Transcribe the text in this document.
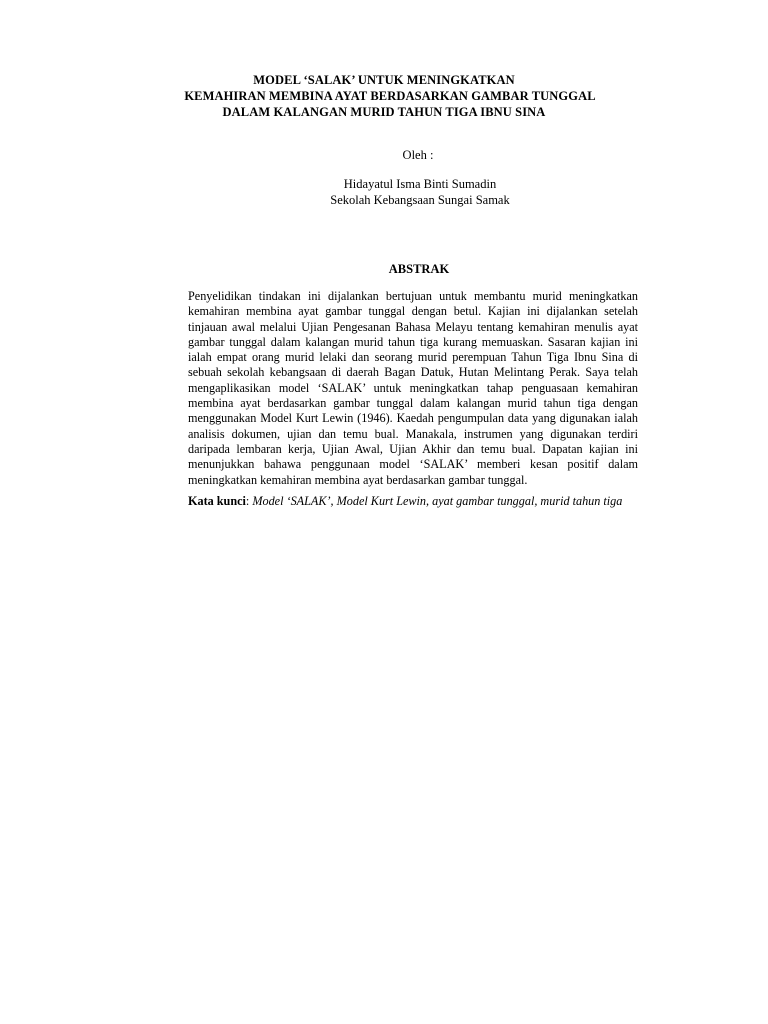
MODEL ‘SALAK’ UNTUK MENINGKATKAN
KEMAHIRAN MEMBINA AYAT BERDASARKAN GAMBAR TUNGGAL
DALAM KALANGAN MURID TAHUN TIGA IBNU SINA
Oleh :
Hidayatul Isma Binti Sumadin
Sekolah Kebangsaan Sungai Samak
ABSTRAK

Penyelidikan tindakan ini dijalankan bertujuan untuk membantu murid meningkatkan kemahiran membina ayat gambar tunggal dengan betul. Kajian ini dijalankan setelah tinjauan awal melalui Ujian Pengesanan Bahasa Melayu tentang kemahiran menulis ayat gambar tunggal dalam kalangan murid tahun tiga kurang memuaskan. Sasaran kajian ini ialah empat orang murid lelaki dan seorang murid perempuan Tahun Tiga Ibnu Sina di sebuah sekolah kebangsaan di daerah Bagan Datuk, Hutan Melintang Perak. Saya telah mengaplikasikan model ‘SALAK’ untuk meningkatkan tahap penguasaan kemahiran membina ayat berdasarkan gambar tunggal dalam kalangan murid tahun tiga dengan menggunakan Model Kurt Lewin (1946). Kaedah pengumpulan data yang digunakan ialah analisis dokumen, ujian dan temu bual. Manakala, instrumen yang digunakan terdiri daripada lembaran kerja, Ujian Awal, Ujian Akhir dan temu bual. Dapatan kajian ini menunjukkan bahawa penggunaan model ‘SALAK’ memberi kesan positif dalam meningkatkan kemahiran membina ayat berdasarkan gambar tunggal.

Kata kunci: Model ‘SALAK’, Model Kurt Lewin, ayat gambar tunggal, murid tahun tiga
